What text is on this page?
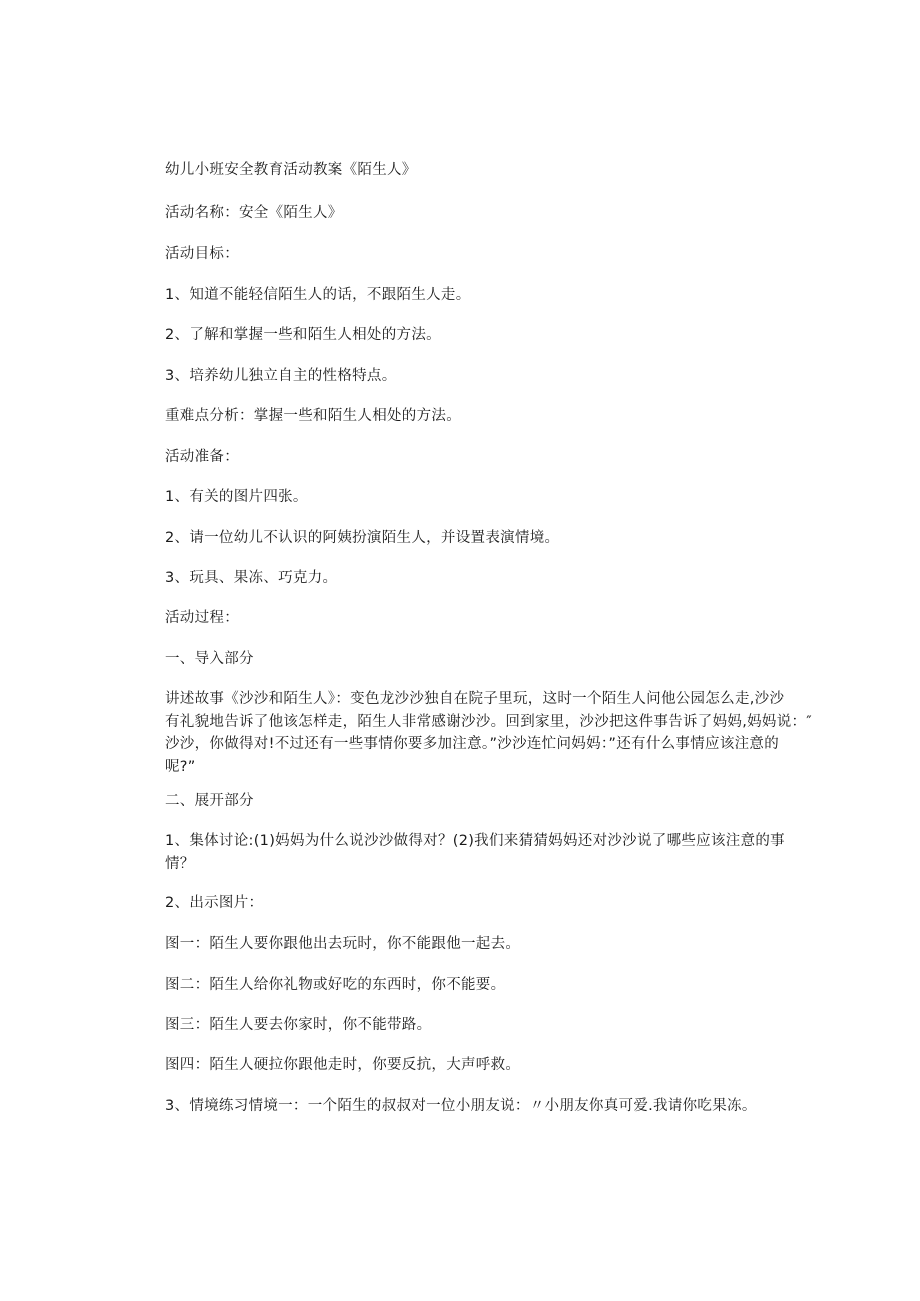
幼儿小班安全教育活动教案《陌生人》
活动名称：安全《陌生人》
活动目标：
1、知道不能轻信陌生人的话，不跟陌生人走。
2、了解和掌握一些和陌生人相处的方法。
3、培养幼儿独立自主的性格特点。
重难点分析：掌握一些和陌生人相处的方法。
活动准备：
1、有关的图片四张。
2、请一位幼儿不认识的阿姨扮演陌生人，并设置表演情境。
3、玩具、果冻、巧克力。
活动过程：
一、导入部分
讲述故事《沙沙和陌生人》：变色龙沙沙独自在院子里玩，这时一个陌生人问他公园怎么走,沙沙
有礼貌地告诉了他该怎样走，陌生人非常感谢沙沙。回到家里，沙沙把这件事告诉了妈妈,妈妈说：″
沙沙，你做得对!不过还有一些事情你要多加注意。”沙沙连忙问妈妈：”还有什么事情应该注意的
呢?”
二、展开部分
1、集体讨论:(1)妈妈为什么说沙沙做得对？(2)我们来猜猜妈妈还对沙沙说了哪些应该注意的事
情？
2、出示图片：
图一：陌生人要你跟他出去玩时，你不能跟他一起去。
图二：陌生人给你礼物或好吃的东西时，你不能要。
图三：陌生人要去你家时，你不能带路。
图四：陌生人硬拉你跟他走时，你要反抗，大声呼救。
3、情境练习情境一：一个陌生的叔叔对一位小朋友说：〃小朋友你真可爱.我请你吃果冻。
